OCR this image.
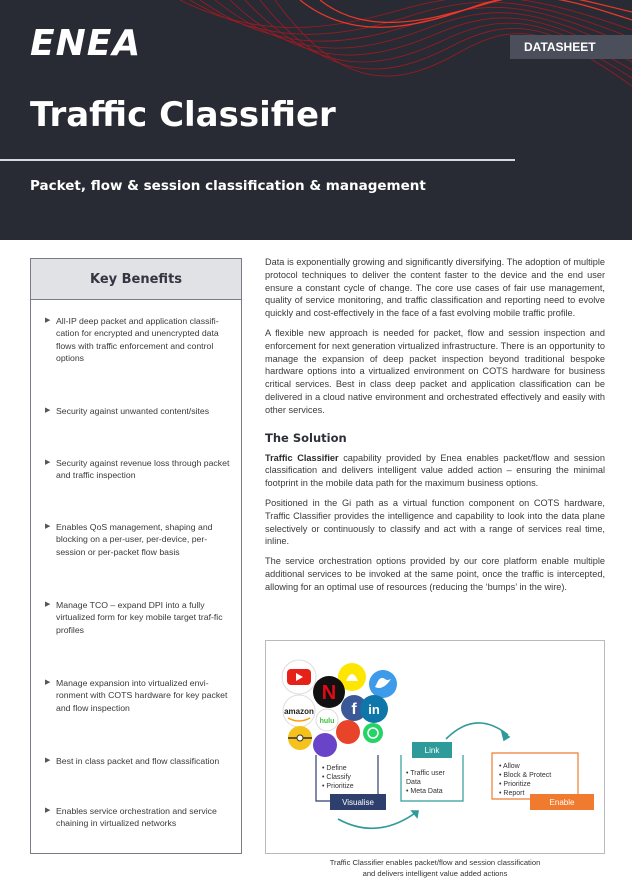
ENEA	DATASHEET
Traffic Classifier
Packet, flow & session classification & management
Key Benefits
▶ All-IP deep packet and application classifi-cation for encrypted and unencrypted data flows with traffic enforcement and control options
▶ Security against unwanted content/sites
▶ Security against revenue loss through packet and traffic inspection
▶ Enables QoS management, shaping and blocking on a per-user, per-device, per-session or per-packet flow basis
▶ Manage TCO – expand DPI into a fully virtualized form for key mobile target traf-fic profiles
▶ Manage expansion into virtualized envi-ronment with COTS hardware for key packet and flow inspection
▶ Best in class packet and flow classification
▶ Enables service orchestration and service chaining in virtualized networks

Data is exponentially growing and significantly diversifying. The adoption of multiple protocol techniques to deliver the content faster to the device and the end user ensure a constant cycle of change. The core use cases of fair use management, quality of service monitoring, and traffic classification and reporting need to evolve quickly and cost-effectively in the face of a fast evolving mobile traffic profile.

A flexible new approach is needed for packet, flow and session inspection and enforcement for next generation virtualized infrastructure. There is an opportunity to manage the expansion of deep packet inspection beyond traditional bespoke hardware options into a virtualized environment on COTS hardware for business critical services. Best in class deep packet and application classification can be delivered in a cloud native environment and orchestrated effectively and easily with other services.

The Solution

Traffic Classifier capability provided by Enea enables packet/flow and session classification and delivers intelligent value added action – ensuring the minimal footprint in the mobile data path for the maximum business options.

Positioned in the Gi path as a virtual function component on COTS hardware, Traffic Classifier provides the intelligence and capability to look into the data plane selectively or continuously to classify and act with a range of services real time, inline.

The service orchestration options provided by our core platform enable multiple additional services to be invoked at the same point, once the traffic is intercepted, allowing for an optimal use of resources (reducing the ‘bumps’ in the wire).

N
amazon f in
hulu
• Define
• Classify
• Prioritize
Visualise
Link
• Traffic user
Data
• Meta Data
• Allow
• Block & Protect
• Prioritize
• Report
Enable
Traffic Classifier enables packet/flow and session classification
and delivers intelligent value added actions
